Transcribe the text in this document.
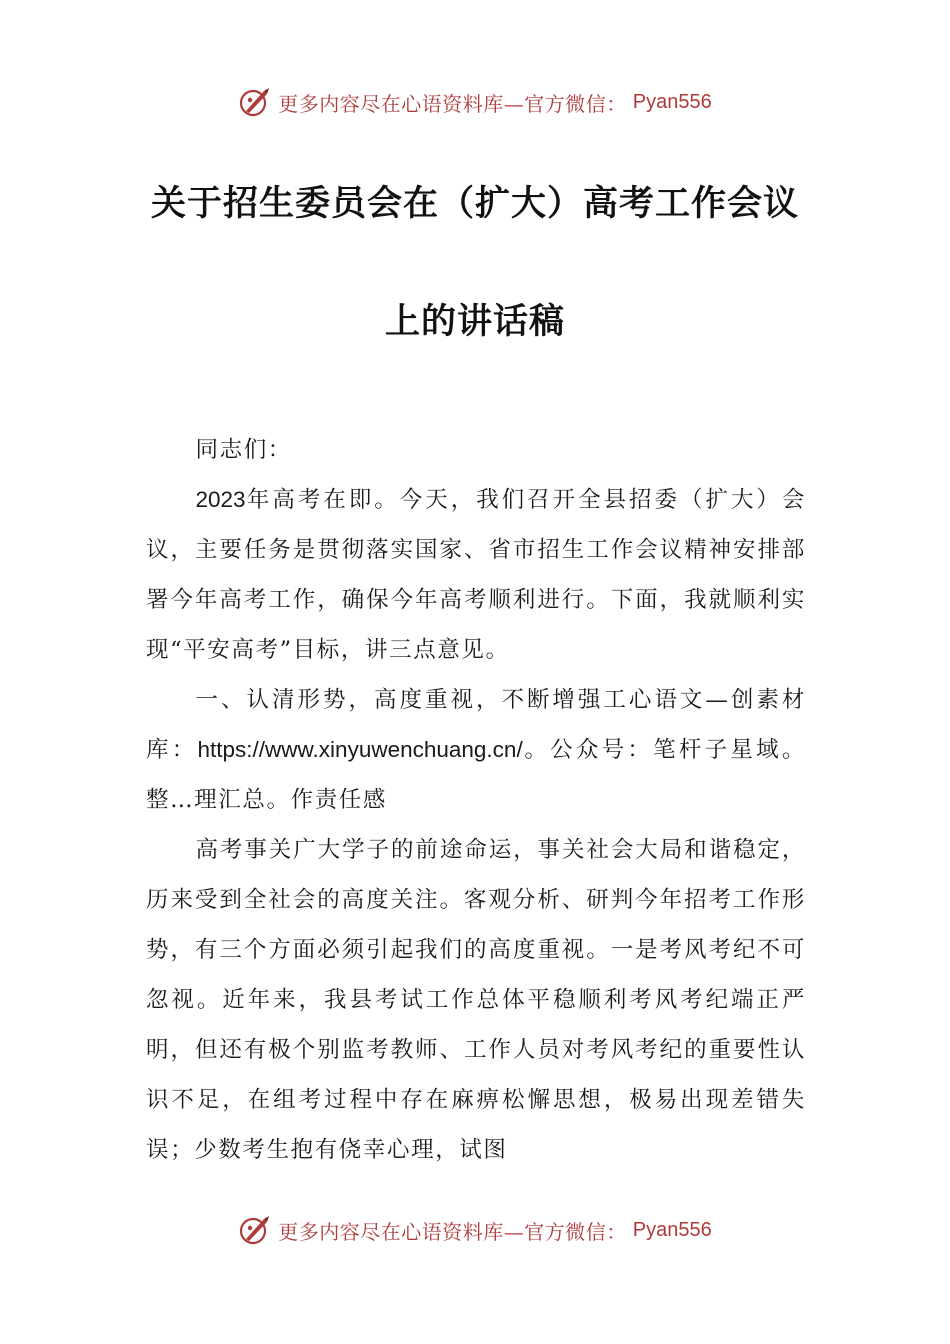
更多内容尽在心语资料库—官方微信： Pyan556
关于招生委员会在（扩大）高考工作会议
上的讲话稿

同志们：

2023年高考在即。今天，我们召开全县招委（扩大）会议，主要任务是贯彻落实国家、省市招生工作会议精神安排部署今年高考工作，确保今年高考顺利进行。下面，我就顺利实现“平安高考”目标，讲三点意见。

一、认清形势，高度重视，不断增强工心语文—创素材库：https://www.xinyuwenchuang.cn/。公众号：笔杆子星域。整…理汇总。作责任感

高考事关广大学子的前途命运，事关社会大局和谐稳定，历来受到全社会的高度关注。客观分析、研判今年招考工作形势，有三个方面必须引起我们的高度重视。一是考风考纪不可忽视。近年来，我县考试工作总体平稳顺利考风考纪端正严明，但还有极个别监考教师、工作人员对考风考纪的重要性认识不足，在组考过程中存在麻痹松懈思想，极易出现差错失误；少数考生抱有侥幸心理，试图

更多内容尽在心语资料库—官方微信： Pyan556
